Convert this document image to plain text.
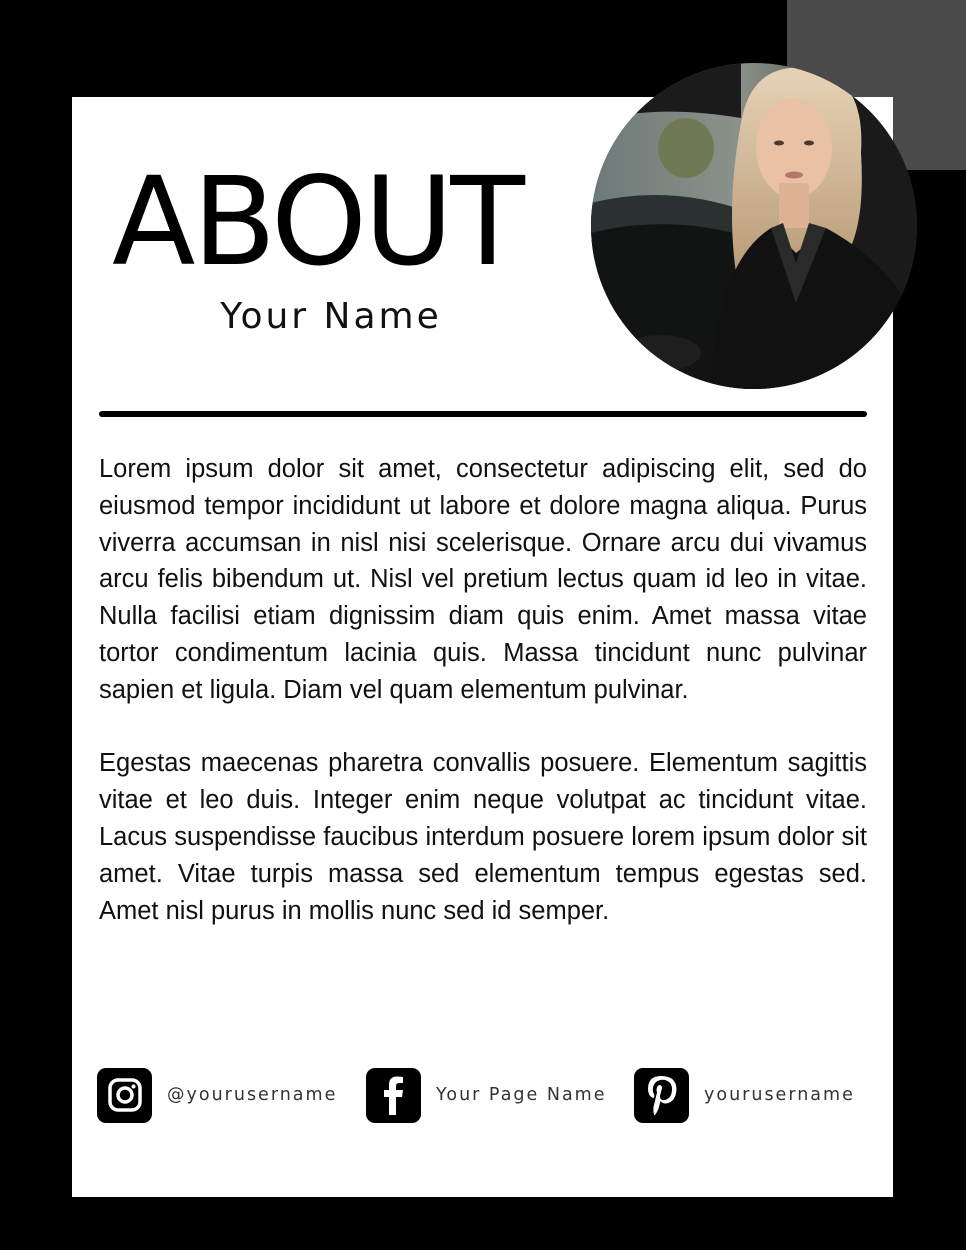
ABOUT
Your Name

Lorem ipsum dolor sit amet, consectetur adipiscing elit, sed do eiusmod tempor incididunt ut labore et dolore magna aliqua. Purus viverra accumsan in nisl nisi scelerisque. Ornare arcu dui vivamus arcu felis bibendum ut. Nisl vel pretium lectus quam id leo in vitae. Nulla facilisi etiam dignissim diam quis enim. Amet massa vitae tortor condimentum lacinia quis. Massa tincidunt nunc pulvinar sapien et ligula. Diam vel quam elementum pulvinar.

Egestas maecenas pharetra convallis posuere. Elementum sagittis vitae et leo duis. Integer enim neque volutpat ac tincidunt vitae. Lacus suspendisse faucibus interdum posuere lorem ipsum dolor sit amet. Vitae turpis massa sed elementum tempus egestas sed. Amet nisl purus in mollis nunc sed id semper.

@yourusername	Your Page Name	yourusername
